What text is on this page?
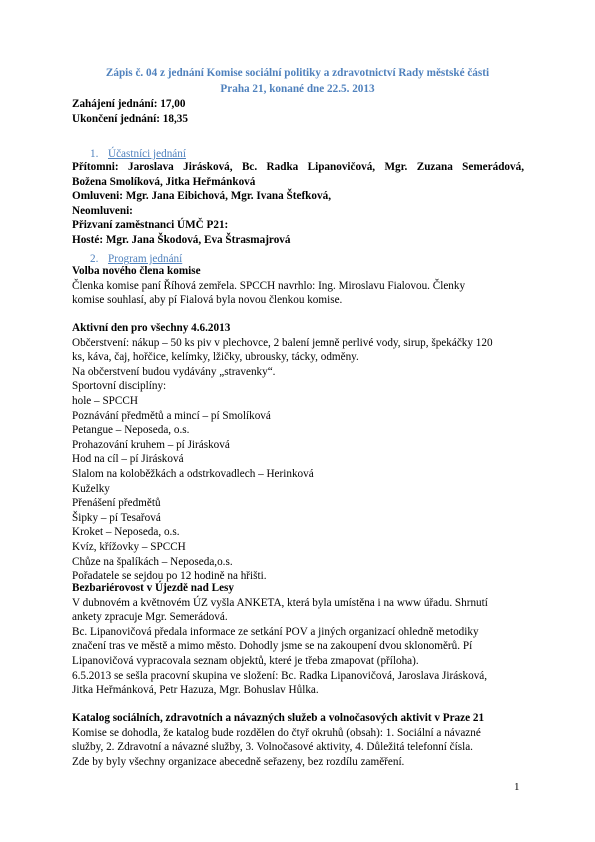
Zápis č. 04 z jednání Komise sociální politiky a zdravotnictví Rady městské části
Praha 21, konané dne 22.5. 2013
Zahájení jednání: 17,00
Ukončení jednání: 18,35
1. Účastníci jednání
Přítomni: Jaroslava Jirásková, Bc. Radka Lipanovičová, Mgr. Zuzana Semerádová,
Božena Smolíková, Jitka Heřmánková
Omluveni: Mgr. Jana Eibichová, Mgr. Ivana Štefková,
Neomluveni:
Přizvaní zaměstnanci ÚMČ P21:
Hosté: Mgr. Jana Škodová, Eva Štrasmajrová
2. Program jednání
Volba nového člena komise
Členka komise paní Říhová zemřela. SPCCH navrhlo: Ing. Miroslavu Fialovou. Členky
komise souhlasí, aby pí Fialová byla novou členkou komise.
Aktivní den pro všechny 4.6.2013
Občerstvení: nákup – 50 ks piv v plechovce, 2 balení jemně perlivé vody, sirup, špekáčky 120
ks, káva, čaj, hořčice, kelímky, lžičky, ubrousky, tácky, odměny.
Na občerstvení budou vydávány „stravenky“.
Sportovní disciplíny:
hole – SPCCH
Poznávání předmětů a mincí – pí Smolíková
Petangue – Neposeda, o.s.
Prohazování kruhem – pí Jirásková
Hod na cíl – pí Jirásková
Slalom na koloběžkách a odstrkovadlech – Herinková
Kuželky
Přenášení předmětů
Šipky – pí Tesařová
Kroket – Neposeda, o.s.
Kvíz, křížovky – SPCCH
Chůze na špalíkách – Neposeda,o.s.
Pořadatele se sejdou po 12 hodině na hřišti.
Bezbariérovost v Újezdě nad Lesy
V dubnovém a květnovém ÚZ vyšla ANKETA, která byla umístěna i na www úřadu. Shrnutí
ankety zpracuje Mgr. Semerádová.
Bc. Lipanovičová předala informace ze setkání POV a jiných organizací ohledně metodiky
značení tras ve městě a mimo město. Dohodly jsme se na zakoupení dvou sklonoměrů. Pí
Lipanovičová vypracovala seznam objektů, které je třeba zmapovat (příloha).
6.5.2013 se sešla pracovní skupina ve složení: Bc. Radka Lipanovičová, Jaroslava Jirásková,
Jitka Heřmánková, Petr Hazuza, Mgr. Bohuslav Hůlka.
Katalog sociálních, zdravotních a návazných služeb a volnočasových aktivit v Praze 21
Komise se dohodla, že katalog bude rozdělen do čtyř okruhů (obsah): 1. Sociální a návazné
služby, 2. Zdravotní a návazné služby, 3. Volnočasové aktivity, 4. Důležitá telefonní čísla.
Zde by byly všechny organizace abecedně seřazeny, bez rozdílu zaměření.
1
